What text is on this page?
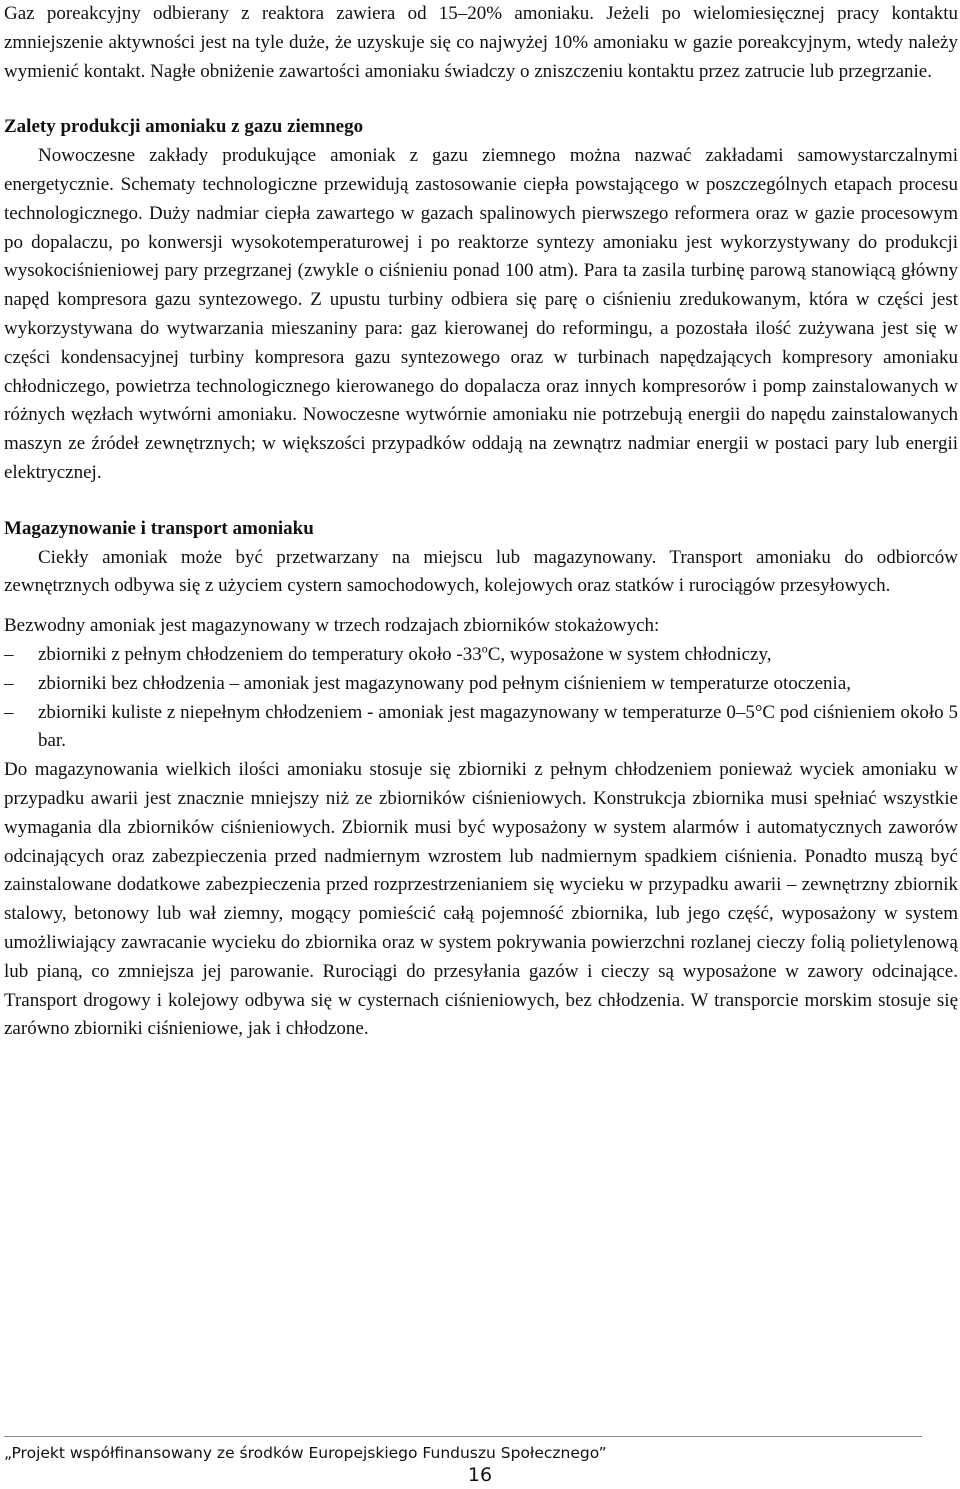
Gaz poreakcyjny odbierany z reaktora zawiera od 15–20% amoniaku. Jeżeli po wielomiesięcznej pracy kontaktu zmniejszenie aktywności jest na tyle duże, że uzyskuje się co najwyżej 10% amoniaku w gazie poreakcyjnym, wtedy należy wymienić kontakt. Nagłe obniżenie zawartości amoniaku świadczy o zniszczeniu kontaktu przez zatrucie lub przegrzanie.

Zalety produkcji amoniaku z gazu ziemnego

Nowoczesne zakłady produkujące amoniak z gazu ziemnego można nazwać zakładami samowystarczalnymi energetycznie. Schematy technologiczne przewidują zastosowanie ciepła powstającego w poszczególnych etapach procesu technologicznego. Duży nadmiar ciepła zawartego w gazach spalinowych pierwszego reformera oraz w gazie procesowym po dopalaczu, po konwersji wysokotemperaturowej i po reaktorze syntezy amoniaku jest wykorzystywany do produkcji wysokociśnieniowej pary przegrzanej (zwykle o ciśnieniu ponad 100 atm). Para ta zasila turbinę parową stanowiącą główny napęd kompresora gazu syntezowego. Z upustu turbiny odbiera się parę o ciśnieniu zredukowanym, która w części jest wykorzystywana do wytwarzania mieszaniny para: gaz kierowanej do reformingu, a pozostała ilość zużywana jest się w części kondensacyjnej turbiny kompresora gazu syntezowego oraz w turbinach napędzających kompresory amoniaku chłodniczego, powietrza technologicznego kierowanego do dopalacza oraz innych kompresorów i pomp zainstalowanych w różnych węzłach wytwórni amoniaku. Nowoczesne wytwórnie amoniaku nie potrzebują energii do napędu zainstalowanych maszyn ze źródeł zewnętrznych; w większości przypadków oddają na zewnątrz nadmiar energii w postaci pary lub energii elektrycznej.

Magazynowanie i transport amoniaku

Ciekły amoniak może być przetwarzany na miejscu lub magazynowany. Transport amoniaku do odbiorców zewnętrznych odbywa się z użyciem cystern samochodowych, kolejowych oraz statków i rurociągów przesyłowych.

Bezwodny amoniak jest magazynowany w trzech rodzajach zbiorników stokażowych:

– zbiorniki z pełnym chłodzeniem do temperatury około -33$^o$C, wyposażone w system chłodniczy,
– zbiorniki bez chłodzenia – amoniak jest magazynowany pod pełnym ciśnieniem w temperaturze otoczenia,
– zbiorniki kuliste z niepełnym chłodzeniem - amoniak jest magazynowany w temperaturze 0–5°C pod ciśnieniem około 5 bar.

Do magazynowania wielkich ilości amoniaku stosuje się zbiorniki z pełnym chłodzeniem ponieważ wyciek amoniaku w przypadku awarii jest znacznie mniejszy niż ze zbiorników ciśnieniowych. Konstrukcja zbiornika musi spełniać wszystkie wymagania dla zbiorników ciśnieniowych. Zbiornik musi być wyposażony w system alarmów i automatycznych zaworów odcinających oraz zabezpieczenia przed nadmiernym wzrostem lub nadmiernym spadkiem ciśnienia. Ponadto muszą być zainstalowane dodatkowe zabezpieczenia przed rozprzestrzenianiem się wycieku w przypadku awarii – zewnętrzny zbiornik stalowy, betonowy lub wał ziemny, mogący pomieścić całą pojemność zbiornika, lub jego część, wyposażony w system umożliwiający zawracanie wycieku do zbiornika oraz w system pokrywania powierzchni rozlanej cieczy folią polietylenową lub pianą, co zmniejsza jej parowanie. Rurociągi do przesyłania gazów i cieczy są wyposażone w zawory odcinające. Transport drogowy i kolejowy odbywa się w cysternach ciśnieniowych, bez chłodzenia. W transporcie morskim stosuje się zarówno zbiorniki ciśnieniowe, jak i chłodzone.

„Projekt współfinansowany ze środków Europejskiego Funduszu Społecznego”
16
